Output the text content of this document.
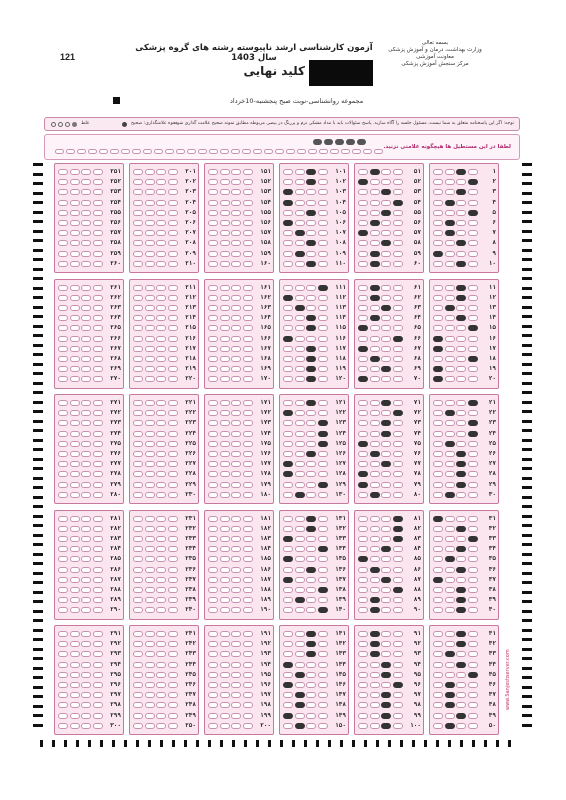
121
آزمون کارشناسی ارشد ناپیوسته رشته های گروه پزشکی سال 1403
کلید نهایی
بسمه تعالی
وزارت بهداشت، درمان و آموزش پزشکی
معاونت آموزشی
مرکز سنجش آموزش پزشکی
مجموعه روانشناسی-نوبت صبح پنجشنبه-10خرداد
توجه: اگر این پاسخنامه متعلق به شما نیست، مسئول جلسه را آگاه سازید. پاسخ سئوالات باید با مداد مشکی نرم و پررنگ در بیضی مربوطه مطابق نمونه صحیح علامت گذاری شود.
نحوه علامتگذاری: صحیح
غلط
لطفا در این مستطیل ها هیچگونه علامتی نزنید.
www.Sanjeshserver.com
۲۵۱
۲۵۲
۲۵۳
۲۵۴
۲۵۵
۲۵۶
۲۵۷
۲۵۸
۲۵۹
۲۶۰
۲۶۱
۲۶۲
۲۶۳
۲۶۴
۲۶۵
۲۶۶
۲۶۷
۲۶۸
۲۶۹
۲۷۰
۲۷۱
۲۷۲
۲۷۳
۲۷۴
۲۷۵
۲۷۶
۲۷۷
۲۷۸
۲۷۹
۲۸۰
۲۸۱
۲۸۲
۲۸۳
۲۸۴
۲۸۵
۲۸۶
۲۸۷
۲۸۸
۲۸۹
۲۹۰
۲۹۱
۲۹۲
۲۹۳
۲۹۴
۲۹۵
۲۹۶
۲۹۷
۲۹۸
۲۹۹
۳۰۰
۲۰۱
۲۰۲
۲۰۳
۲۰۴
۲۰۵
۲۰۶
۲۰۷
۲۰۸
۲۰۹
۲۱۰
۲۱۱
۲۱۲
۲۱۳
۲۱۴
۲۱۵
۲۱۶
۲۱۷
۲۱۸
۲۱۹
۲۲۰
۲۲۱
۲۲۲
۲۲۳
۲۲۴
۲۲۵
۲۲۶
۲۲۷
۲۲۸
۲۲۹
۲۳۰
۲۳۱
۲۳۲
۲۳۳
۲۳۴
۲۳۵
۲۳۶
۲۳۷
۲۳۸
۲۳۹
۲۴۰
۲۴۱
۲۴۲
۲۴۳
۲۴۴
۲۴۵
۲۴۶
۲۴۷
۲۴۸
۲۴۹
۲۵۰
۱۵۱
۱۵۲
۱۵۳
۱۵۴
۱۵۵
۱۵۶
۱۵۷
۱۵۸
۱۵۹
۱۶۰
۱۶۱
۱۶۲
۱۶۳
۱۶۴
۱۶۵
۱۶۶
۱۶۷
۱۶۸
۱۶۹
۱۷۰
۱۷۱
۱۷۲
۱۷۳
۱۷۴
۱۷۵
۱۷۶
۱۷۷
۱۷۸
۱۷۹
۱۸۰
۱۸۱
۱۸۲
۱۸۳
۱۸۴
۱۸۵
۱۸۶
۱۸۷
۱۸۸
۱۸۹
۱۹۰
۱۹۱
۱۹۲
۱۹۳
۱۹۴
۱۹۵
۱۹۶
۱۹۷
۱۹۸
۱۹۹
۲۰۰
۱۰۱
۱۰۲
۱۰۳
۱۰۴
۱۰۵
۱۰۶
۱۰۷
۱۰۸
۱۰۹
۱۱۰
۱۱۱
۱۱۲
۱۱۳
۱۱۴
۱۱۵
۱۱۶
۱۱۷
۱۱۸
۱۱۹
۱۲۰
۱۲۱
۱۲۲
۱۲۳
۱۲۴
۱۲۵
۱۲۶
۱۲۷
۱۲۸
۱۲۹
۱۳۰
۱۳۱
۱۳۲
۱۳۳
۱۳۴
۱۳۵
۱۳۶
۱۳۷
۱۳۸
۱۳۹
۱۴۰
۱۴۱
۱۴۲
۱۴۳
۱۴۴
۱۴۵
۱۴۶
۱۴۷
۱۴۸
۱۴۹
۱۵۰
۵۱
۵۲
۵۳
۵۴
۵۵
۵۶
۵۷
۵۸
۵۹
۶۰
۶۱
۶۲
۶۳
۶۴
۶۵
۶۶
۶۷
۶۸
۶۹
۷۰
۷۱
۷۲
۷۳
۷۴
۷۵
۷۶
۷۷
۷۸
۷۹
۸۰
۸۱
۸۲
۸۳
۸۴
۸۵
۸۶
۸۷
۸۸
۸۹
۹۰
۹۱
۹۲
۹۳
۹۴
۹۵
۹۶
۹۷
۹۸
۹۹
۱۰۰
۱
۲
۳
۴
۵
۶
۷
۸
۹
۱۰
۱۱
۱۲
۱۳
۱۴
۱۵
۱۶
۱۷
۱۸
۱۹
۲۰
۲۱
۲۲
۲۳
۲۴
۲۵
۲۶
۲۷
۲۸
۲۹
۳۰
۳۱
۳۲
۳۳
۳۴
۳۵
۳۶
۳۷
۳۸
۳۹
۴۰
۴۱
۴۲
۴۳
۴۴
۴۵
۴۶
۴۷
۴۸
۴۹
۵۰
